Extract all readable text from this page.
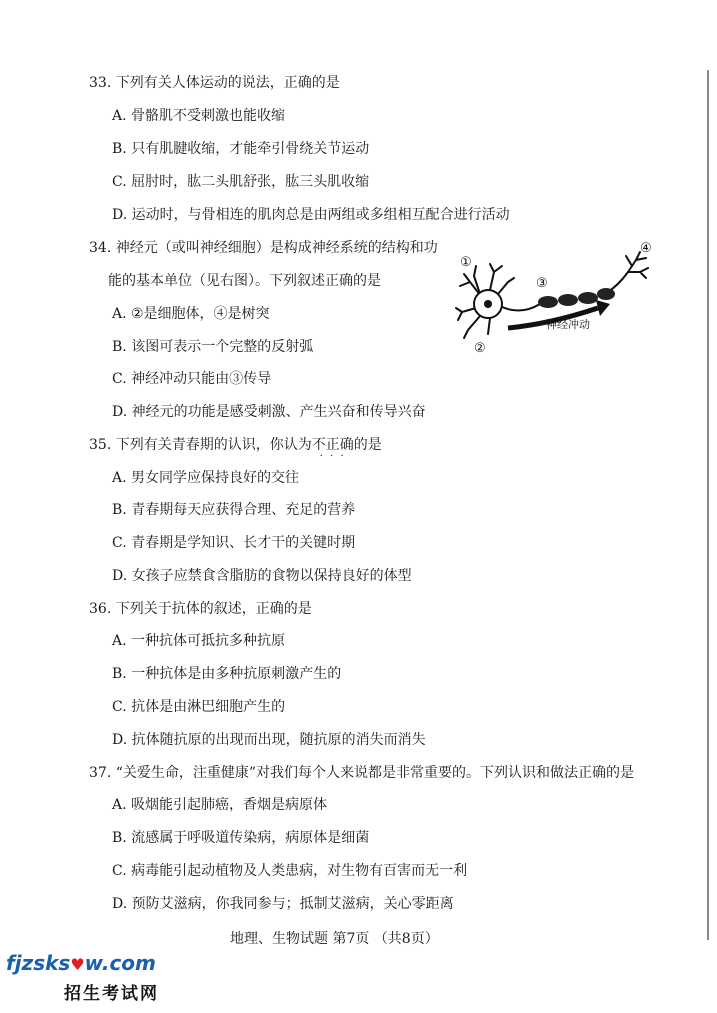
33. 下列有关人体运动的说法，正确的是
A. 骨骼肌不受刺激也能收缩
B. 只有肌腱收缩，才能牵引骨绕关节运动
C. 屈肘时，肱二头肌舒张，肱三头肌收缩
D. 运动时，与骨相连的肌肉总是由两组或多组相互配合进行活动
34. 神经元（或叫神经细胞）是构成神经系统的结构和功
能的基本单位（见右图）。下列叙述正确的是
A. ②是细胞体，④是树突
B. 该图可表示一个完整的反射弧
C. 神经冲动只能由③传导
D. 神经元的功能是感受刺激、产生兴奋和传导兴奋
①
②
③
④
神经冲动
35. 下列有关青春期的认识，你认为不正确 · · ·的是
A. 男女同学应保持良好的交往
B. 青春期每天应获得合理、充足的营养
C. 青春期是学知识、长才干的关键时期
D. 女孩子应禁食含脂肪的食物以保持良好的体型
36. 下列关于抗体的叙述，正确的是
A. 一种抗体可抵抗多种抗原
B. 一种抗体是由多种抗原刺激产生的
C. 抗体是由淋巴细胞产生的
D. 抗体随抗原的出现而出现，随抗原的消失而消失
37. “关爱生命，注重健康”对我们每个人来说都是非常重要的。下列认识和做法正确的是
A. 吸烟能引起肺癌，香烟是病原体
B. 流感属于呼吸道传染病，病原体是细菌
C. 病毒能引起动植物及人类患病，对生物有百害而无一利
D. 预防艾滋病，你我同参与；抵制艾滋病，关心零距离
地理、生物试题 第7页 （共8页）
fjzsks♥w.com
招生考试网
